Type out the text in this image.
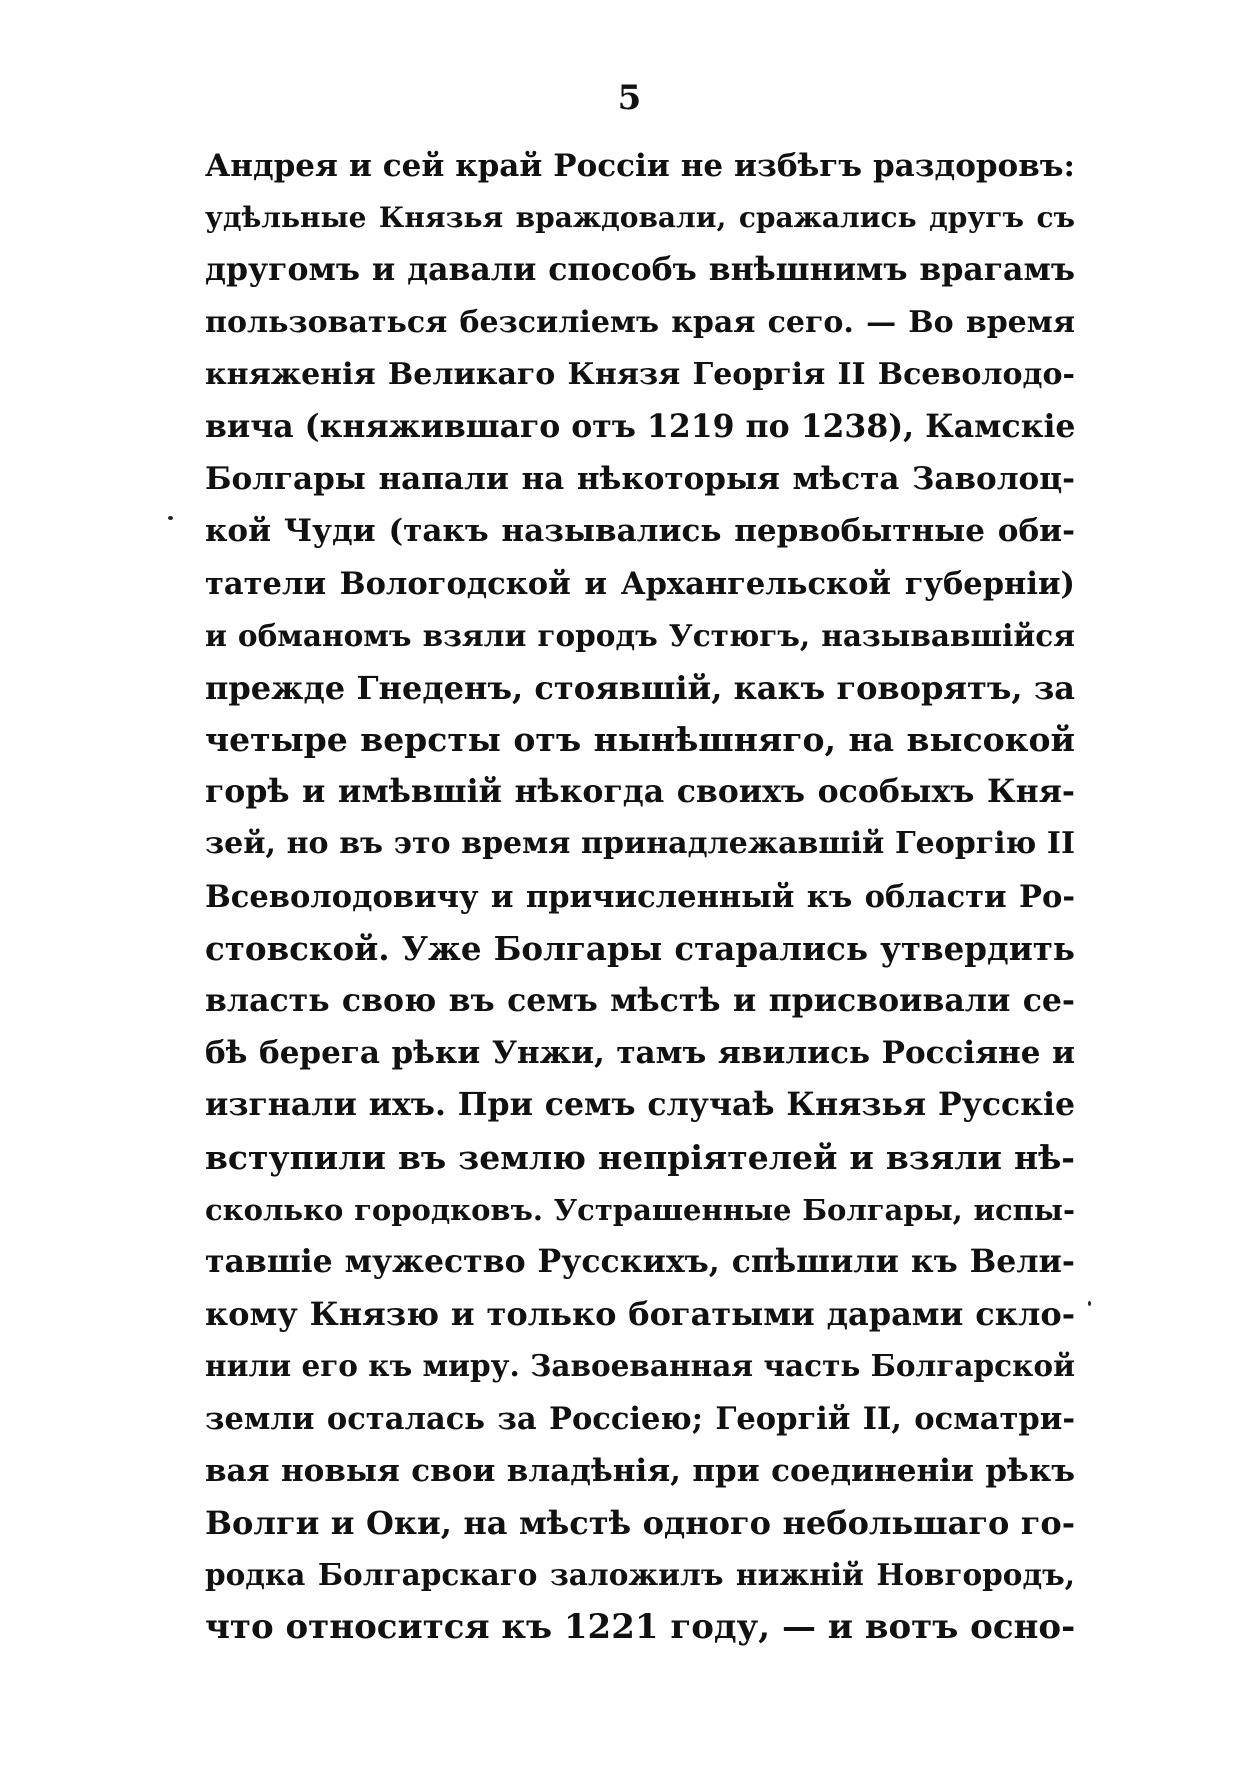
5
Андрея и сей край Россіи не избѣгъ раздоровъ:
удѣльные Князья враждовали, сражались другъ съ
другомъ и давали способъ внѣшнимъ врагамъ
пользоваться безсиліемъ края сего. — Во время
княженія Великаго Князя Георгія II Всеволодо-
вича (княжившаго отъ 1219 по 1238), Камскіе
Болгары напали на нѣкоторыя мѣста Заволоц-
кой Чуди (такъ назывались первобытные оби-
татели Вологодской и Архангельской губерніи)
и обманомъ взяли городъ Устюгъ, называвшійся
прежде Гнеденъ, стоявшій, какъ говорятъ, за
четыре версты отъ нынѣшняго, на высокой
горѣ и имѣвшій нѣкогда своихъ особыхъ Кня-
зей, но въ это время принадлежавшій Георгію II
Всеволодовичу и причисленный къ области Ро-
стовской. Уже Болгары старались утвердить
власть свою въ семъ мѣстѣ и присвоивали се-
бѣ берега рѣки Унжи, тамъ явились Россіяне и
изгнали ихъ. При семъ случаѣ Князья Русскіе
вступили въ землю непріятелей и взяли нѣ-
сколько городковъ. Устрашенные Болгары, испы-
тавшіе мужество Русскихъ, спѣшили къ Вели-
кому Князю и только богатыми дарами скло-
нили его къ миру. Завоеванная часть Болгарской
земли осталась за Россіею; Георгій II, осматри-
вая новыя свои владѣнія, при соединеніи рѣкъ
Волги и Оки, на мѣстѣ одного небольшаго го-
родка Болгарскаго заложилъ нижній Новгородъ,
что относится къ 1221 году, — и вотъ осно-
